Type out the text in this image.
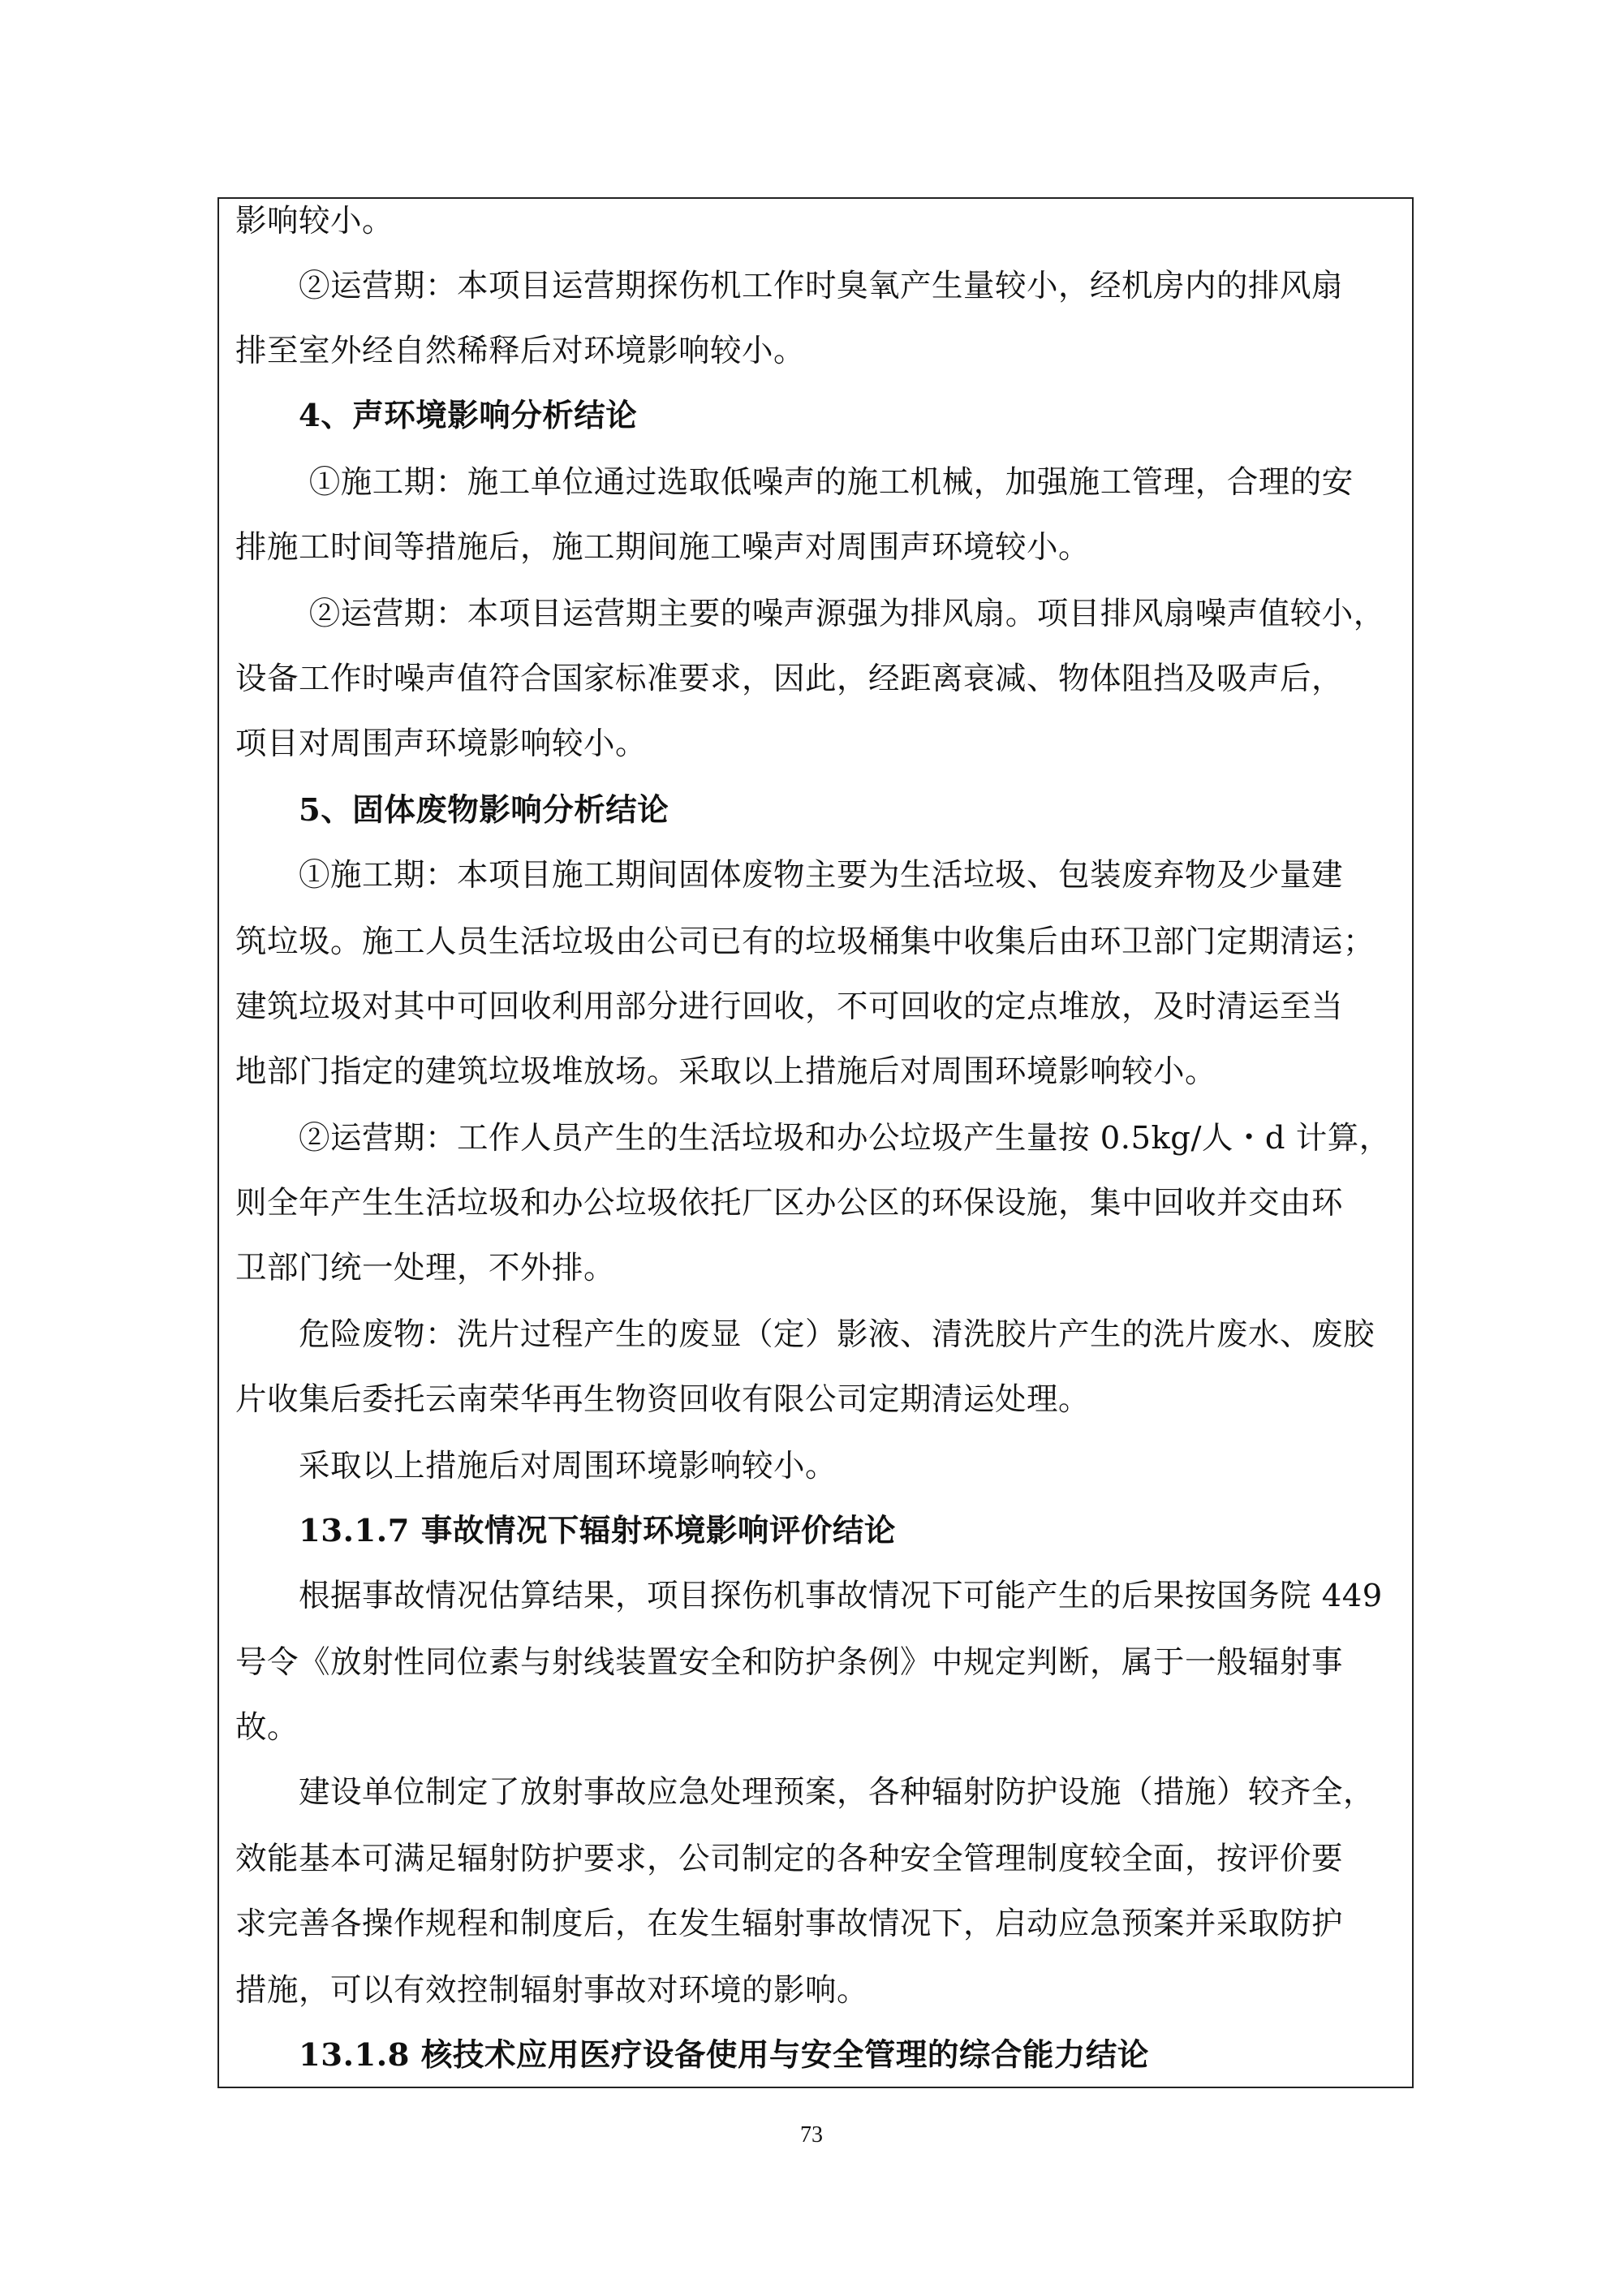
影响较小。
　　②运营期：本项目运营期探伤机工作时臭氧产生量较小，经机房内的排风扇
排至室外经自然稀释后对环境影响较小。
　　4、声环境影响分析结论
　　 ①施工期：施工单位通过选取低噪声的施工机械，加强施工管理，合理的安
排施工时间等措施后，施工期间施工噪声对周围声环境较小。
　　 ②运营期：本项目运营期主要的噪声源强为排风扇。项目排风扇噪声值较小，
设备工作时噪声值符合国家标准要求，因此，经距离衰减、物体阻挡及吸声后，
项目对周围声环境影响较小。
　　5、固体废物影响分析结论
　　①施工期：本项目施工期间固体废物主要为生活垃圾、包装废弃物及少量建
筑垃圾。施工人员生活垃圾由公司已有的垃圾桶集中收集后由环卫部门定期清运；
建筑垃圾对其中可回收利用部分进行回收，不可回收的定点堆放，及时清运至当
地部门指定的建筑垃圾堆放场。采取以上措施后对周围环境影响较小。
　　②运营期：工作人员产生的生活垃圾和办公垃圾产生量按 0.5kg/人・d 计算，
则全年产生生活垃圾和办公垃圾依托厂区办公区的环保设施，集中回收并交由环
卫部门统一处理，不外排。
　　危险废物：洗片过程产生的废显（定）影液、清洗胶片产生的洗片废水、废胶
片收集后委托云南荣华再生物资回收有限公司定期清运处理。
　　采取以上措施后对周围环境影响较小。
　　13.1.7 事故情况下辐射环境影响评价结论
　　根据事故情况估算结果，项目探伤机事故情况下可能产生的后果按国务院 449
号令《放射性同位素与射线装置安全和防护条例》中规定判断，属于一般辐射事
故。
　　建设单位制定了放射事故应急处理预案，各种辐射防护设施（措施）较齐全，
效能基本可满足辐射防护要求，公司制定的各种安全管理制度较全面，按评价要
求完善各操作规程和制度后，在发生辐射事故情况下，启动应急预案并采取防护
措施，可以有效控制辐射事故对环境的影响。
　　13.1.8 核技术应用医疗设备使用与安全管理的综合能力结论
73
